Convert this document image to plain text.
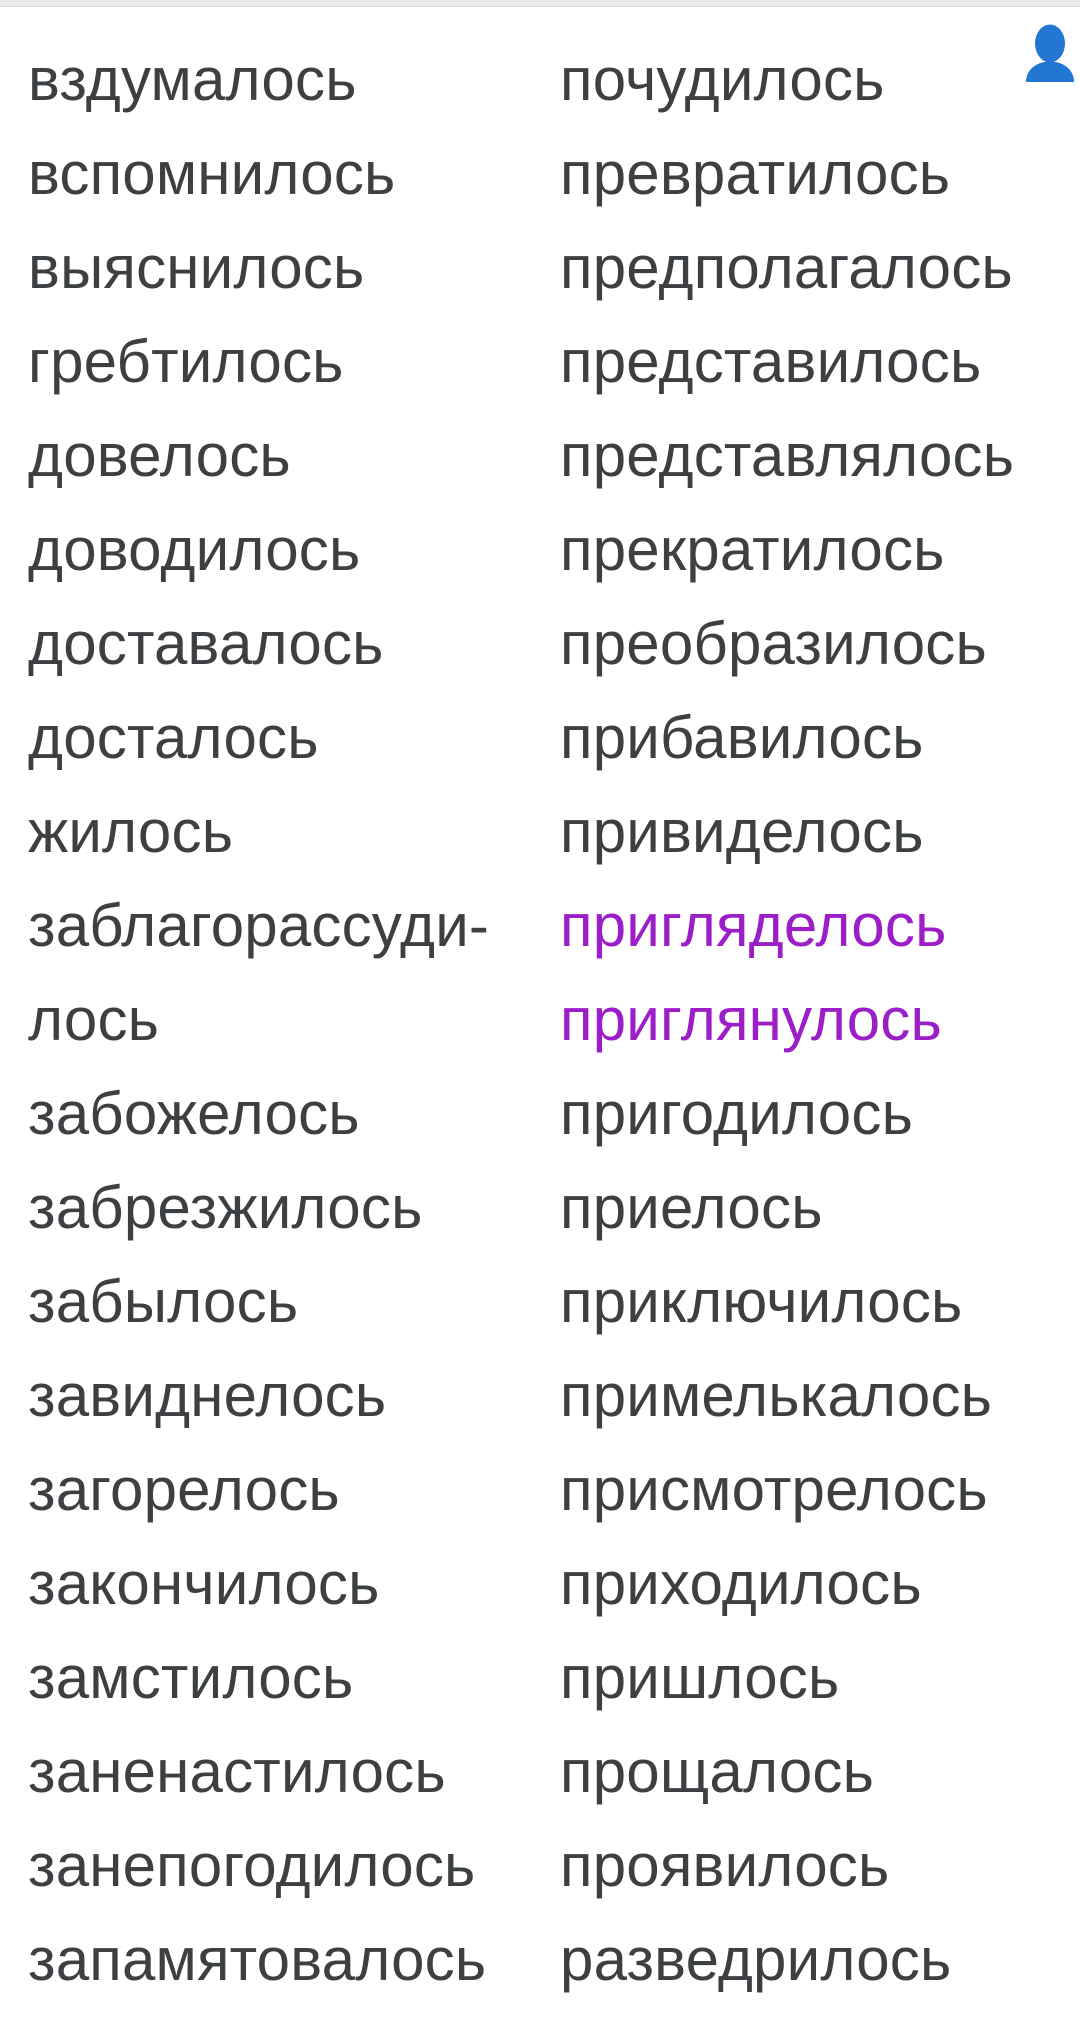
вздумалось
вспомнилось
выяснилось
гребтилось
довелось
доводилось
доставалось
досталось
жилось
заблагорассуди-
лось
забожелось
забрезжилось
забылось
завиднелось
загорелось
закончилось
замстилось
заненастилось
занепогодилось
запамятовалось
почудилось
превратилось
предполагалось
представилось
представлялось
прекратилось
преобразилось
прибавилось
привиделось
пригляделось
приглянулось
пригодилось
приелось
приключилось
примелькалось
присмотрелось
приходилось
пришлось
прощалось
проявилось
разведрилось
